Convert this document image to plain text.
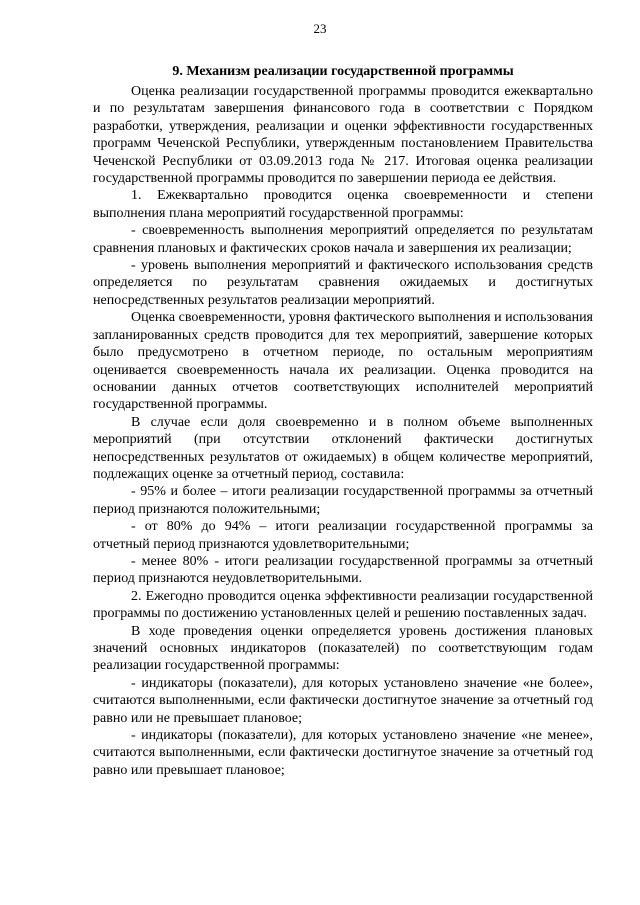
23

9. Механизм реализации государственной программы

Оценка реализации государственной программы проводится ежеквартально и по результатам завершения финансового года в соответствии с Порядком разработки, утверждения, реализации и оценки эффективности государственных программ Чеченской Республики, утвержденным постановлением Правительства Чеченской Республики от 03.09.2013 года № 217. Итоговая оценка реализации государственной программы проводится по завершении периода ее действия.

1. Ежеквартально проводится оценка своевременности и степени выполнения плана мероприятий государственной программы:

- своевременность выполнения мероприятий определяется по результатам сравнения плановых и фактических сроков начала и завершения их реализации;

- уровень выполнения мероприятий и фактического использования средств определяется по результатам сравнения ожидаемых и достигнутых непосредственных результатов реализации мероприятий.

Оценка своевременности, уровня фактического выполнения и использования запланированных средств проводится для тех мероприятий, завершение которых было предусмотрено в отчетном периоде, по остальным мероприятиям оценивается своевременность начала их реализации. Оценка проводится на основании данных отчетов соответствующих исполнителей мероприятий государственной программы.

В случае если доля своевременно и в полном объеме выполненных мероприятий (при отсутствии отклонений фактически достигнутых непосредственных результатов от ожидаемых) в общем количестве мероприятий, подлежащих оценке за отчетный период, составила:

- 95% и более – итоги реализации государственной программы за отчетный период признаются положительными;

- от 80% до 94% – итоги реализации государственной программы за отчетный период признаются удовлетворительными;

- менее 80% - итоги реализации государственной программы за отчетный период признаются неудовлетворительными.

2. Ежегодно проводится оценка эффективности реализации государственной программы по достижению установленных целей и решению поставленных задач.

В ходе проведения оценки определяется уровень достижения плановых значений основных индикаторов (показателей) по соответствующим годам реализации государственной программы:

- индикаторы (показатели), для которых установлено значение «не более», считаются выполненными, если фактически достигнутое значение за отчетный год равно или не превышает плановое;

- индикаторы (показатели), для которых установлено значение «не менее», считаются выполненными, если фактически достигнутое значение за отчетный год равно или превышает плановое;
